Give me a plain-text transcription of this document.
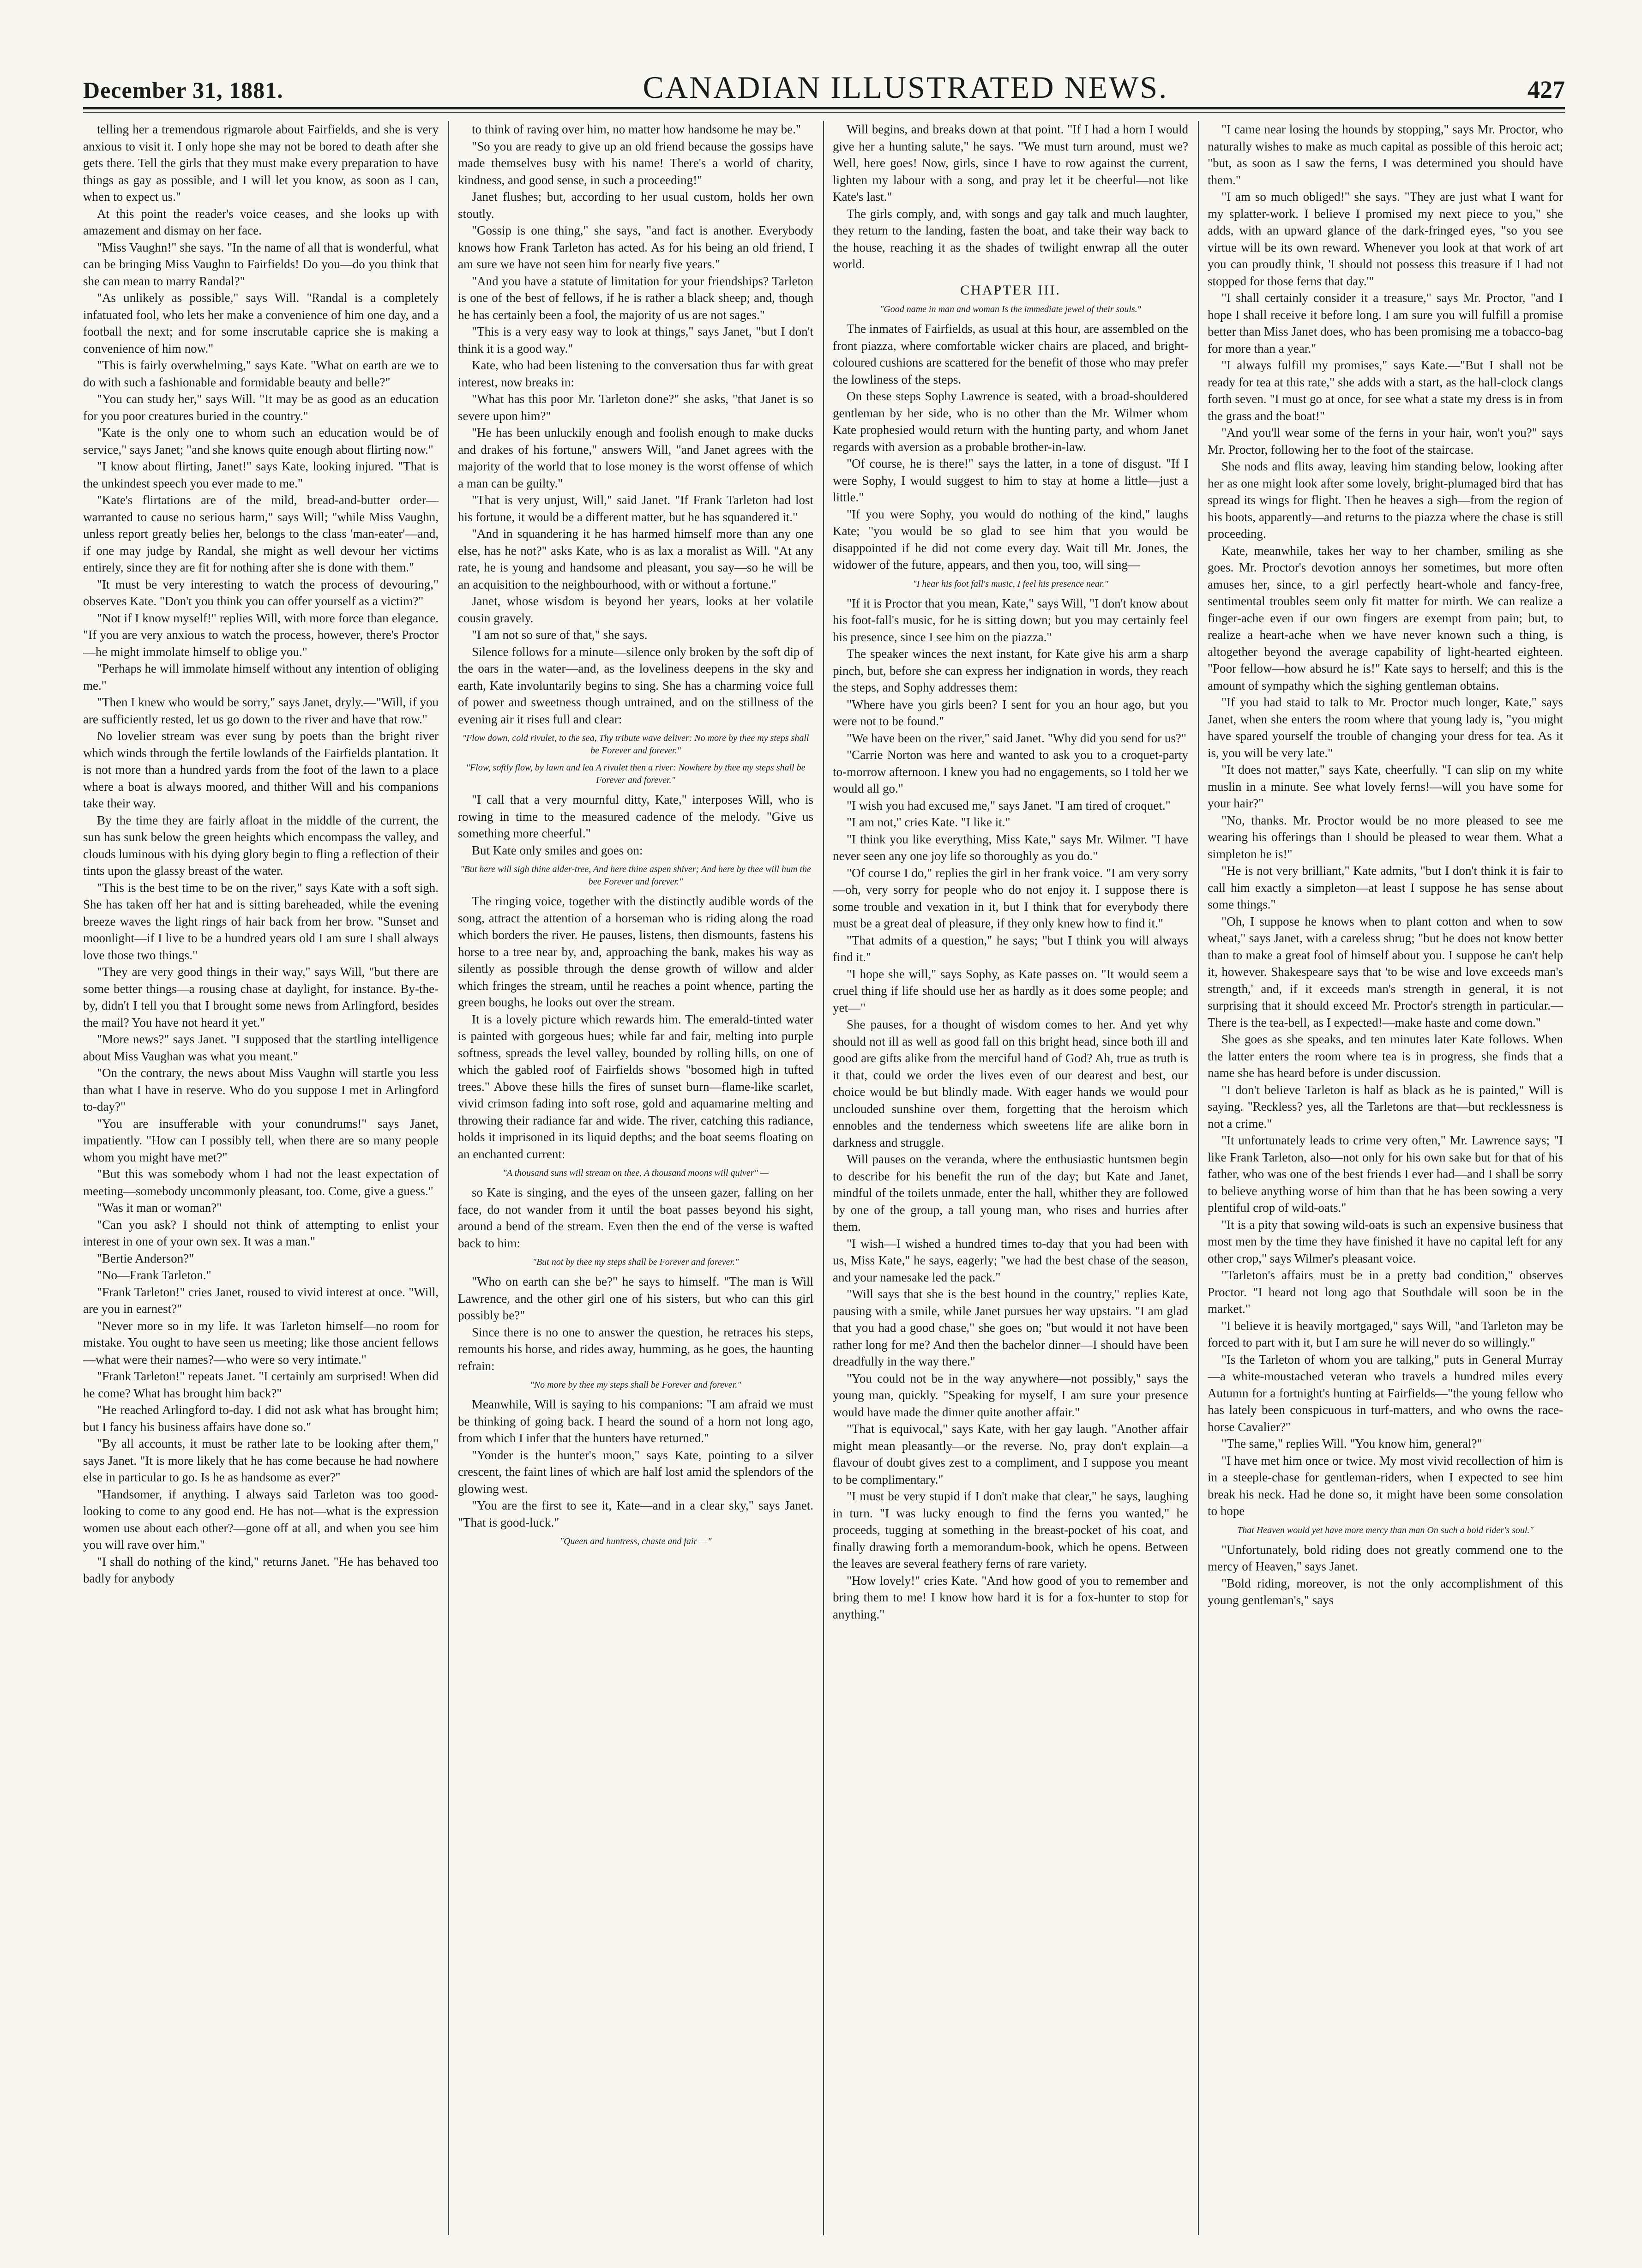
December 31, 1881.	CANADIAN ILLUSTRATED NEWS.	427

telling her a tremendous rigmarole about Fairfields, and she is very anxious to visit it. I only hope she may not be bored to death after she gets there. Tell the girls that they must make every preparation to have things as gay as possible, and I will let you know, as soon as I can, when to expect us."

At this point the reader's voice ceases, and she looks up with amazement and dismay on her face.

"Miss Vaughn!" she says. "In the name of all that is wonderful, what can be bringing Miss Vaughn to Fairfields! Do you—do you think that she can mean to marry Randal?"

"As unlikely as possible," says Will. "Randal is a completely infatuated fool, who lets her make a convenience of him one day, and a football the next; and for some inscrutable caprice she is making a convenience of him now."

"This is fairly overwhelming," says Kate. "What on earth are we to do with such a fashionable and formidable beauty and belle?"

"You can study her," says Will. "It may be as good as an education for you poor creatures buried in the country."

"Kate is the only one to whom such an education would be of service," says Janet; "and she knows quite enough about flirting now."

"I know about flirting, Janet!" says Kate, looking injured. "That is the unkindest speech you ever made to me."

"Kate's flirtations are of the mild, bread-and-butter order—warranted to cause no serious harm," says Will; "while Miss Vaughn, unless report greatly belies her, belongs to the class 'man-eater'—and, if one may judge by Randal, she might as well devour her victims entirely, since they are fit for nothing after she is done with them."

"It must be very interesting to watch the process of devouring," observes Kate. "Don't you think you can offer yourself as a victim?"

"Not if I know myself!" replies Will, with more force than elegance. "If you are very anxious to watch the process, however, there's Proctor—he might immolate himself to oblige you."

"Perhaps he will immolate himself without any intention of obliging me."

"Then I knew who would be sorry," says Janet, dryly.—"Will, if you are sufficiently rested, let us go down to the river and have that row."

No lovelier stream was ever sung by poets than the bright river which winds through the fertile lowlands of the Fairfields plantation. It is not more than a hundred yards from the foot of the lawn to a place where a boat is always moored, and thither Will and his companions take their way.

By the time they are fairly afloat in the middle of the current, the sun has sunk below the green heights which encompass the valley, and clouds luminous with his dying glory begin to fling a reflection of their tints upon the glassy breast of the water.

"This is the best time to be on the river," says Kate with a soft sigh. She has taken off her hat and is sitting bareheaded, while the evening breeze waves the light rings of hair back from her brow. "Sunset and moonlight—if I live to be a hundred years old I am sure I shall always love those two things."

"They are very good things in their way," says Will, "but there are some better things—a rousing chase at daylight, for instance. By-the-by, didn't I tell you that I brought some news from Arlingford, besides the mail? You have not heard it yet."

"More news?" says Janet. "I supposed that the startling intelligence about Miss Vaughan was what you meant."

"On the contrary, the news about Miss Vaughn will startle you less than what I have in reserve. Who do you suppose I met in Arlingford to-day?"

"You are insufferable with your conundrums!" says Janet, impatiently. "How can I possibly tell, when there are so many people whom you might have met?"

"But this was somebody whom I had not the least expectation of meeting—somebody uncommonly pleasant, too. Come, give a guess."

"Was it man or woman?"

"Can you ask? I should not think of attempting to enlist your interest in one of your own sex. It was a man."

"Bertie Anderson?"

"No—Frank Tarleton."

"Frank Tarleton!" cries Janet, roused to vivid interest at once. "Will, are you in earnest?"

"Never more so in my life. It was Tarleton himself—no room for mistake. You ought to have seen us meeting; like those ancient fellows—what were their names?—who were so very intimate."

"Frank Tarleton!" repeats Janet. "I certainly am surprised! When did he come? What has brought him back?"

"He reached Arlingford to-day. I did not ask what has brought him; but I fancy his business affairs have done so."

"By all accounts, it must be rather late to be looking after them," says Janet. "It is more likely that he has come because he had nowhere else in particular to go. Is he as handsome as ever?"

"Handsomer, if anything. I always said Tarleton was too good-looking to come to any good end. He has not—what is the expression women use about each other?—gone off at all, and when you see him you will rave over him."

"I shall do nothing of the kind," returns Janet. "He has behaved too badly for anybody

to think of raving over him, no matter how handsome he may be."

"So you are ready to give up an old friend because the gossips have made themselves busy with his name! There's a world of charity, kindness, and good sense, in such a proceeding!"

Janet flushes; but, according to her usual custom, holds her own stoutly.

"Gossip is one thing," she says, "and fact is another. Everybody knows how Frank Tarleton has acted. As for his being an old friend, I am sure we have not seen him for nearly five years."

"And you have a statute of limitation for your friendships? Tarleton is one of the best of fellows, if he is rather a black sheep; and, though he has certainly been a fool, the majority of us are not sages."

"This is a very easy way to look at things," says Janet, "but I don't think it is a good way."

Kate, who had been listening to the conversation thus far with great interest, now breaks in:

"What has this poor Mr. Tarleton done?" she asks, "that Janet is so severe upon him?"

"He has been unluckily enough and foolish enough to make ducks and drakes of his fortune," answers Will, "and Janet agrees with the majority of the world that to lose money is the worst offense of which a man can be guilty."

"That is very unjust, Will," said Janet. "If Frank Tarleton had lost his fortune, it would be a different matter, but he has squandered it."

"And in squandering it he has harmed himself more than any one else, has he not?" asks Kate, who is as lax a moralist as Will. "At any rate, he is young and handsome and pleasant, you say—so he will be an acquisition to the neighbourhood, with or without a fortune."

Janet, whose wisdom is beyond her years, looks at her volatile cousin gravely.

"I am not so sure of that," she says.

Silence follows for a minute—silence only broken by the soft dip of the oars in the water—and, as the loveliness deepens in the sky and earth, Kate involuntarily begins to sing. She has a charming voice full of power and sweetness though untrained, and on the stillness of the evening air it rises full and clear:

"Flow down, cold rivulet, to the sea, Thy tribute wave deliver: No more by thee my steps shall be Forever and forever."
"Flow, softly flow, by lawn and lea A rivulet then a river: Nowhere by thee my steps shall be Forever and forever."

"I call that a very mournful ditty, Kate," interposes Will, who is rowing in time to the measured cadence of the melody. "Give us something more cheerful."

But Kate only smiles and goes on:

"But here will sigh thine alder-tree, And here thine aspen shiver; And here by thee will hum the bee Forever and forever."

The ringing voice, together with the distinctly audible words of the song, attract the attention of a horseman who is riding along the road which borders the river. He pauses, listens, then dismounts, fastens his horse to a tree near by, and, approaching the bank, makes his way as silently as possible through the dense growth of willow and alder which fringes the stream, until he reaches a point whence, parting the green boughs, he looks out over the stream.

It is a lovely picture which rewards him. The emerald-tinted water is painted with gorgeous hues; while far and fair, melting into purple softness, spreads the level valley, bounded by rolling hills, on one of which the gabled roof of Fairfields shows "bosomed high in tufted trees." Above these hills the fires of sunset burn—flame-like scarlet, vivid crimson fading into soft rose, gold and aquamarine melting and throwing their radiance far and wide. The river, catching this radiance, holds it imprisoned in its liquid depths; and the boat seems floating on an enchanted current:

"A thousand suns will stream on thee, A thousand moons will quiver" —

so Kate is singing, and the eyes of the unseen gazer, falling on her face, do not wander from it until the boat passes beyond his sight, around a bend of the stream. Even then the end of the verse is wafted back to him:

"But not by thee my steps shall be Forever and forever."

"Who on earth can she be?" he says to himself. "The man is Will Lawrence, and the other girl one of his sisters, but who can this girl possibly be?"

Since there is no one to answer the question, he retraces his steps, remounts his horse, and rides away, humming, as he goes, the haunting refrain:

"No more by thee my steps shall be Forever and forever."

Meanwhile, Will is saying to his companions: "I am afraid we must be thinking of going back. I heard the sound of a horn not long ago, from which I infer that the hunters have returned."

"Yonder is the hunter's moon," says Kate, pointing to a silver crescent, the faint lines of which are half lost amid the splendors of the glowing west.

"You are the first to see it, Kate—and in a clear sky," says Janet. "That is good-luck."

"Queen and huntress, chaste and fair —"

Will begins, and breaks down at that point. "If I had a horn I would give her a hunting salute," he says. "We must turn around, must we? Well, here goes! Now, girls, since I have to row against the current, lighten my labour with a song, and pray let it be cheerful—not like Kate's last."

The girls comply, and, with songs and gay talk and much laughter, they return to the landing, fasten the boat, and take their way back to the house, reaching it as the shades of twilight enwrap all the outer world.

CHAPTER III.
"Good name in man and woman Is the immediate jewel of their souls."

The inmates of Fairfields, as usual at this hour, are assembled on the front piazza, where comfortable wicker chairs are placed, and bright-coloured cushions are scattered for the benefit of those who may prefer the lowliness of the steps.

On these steps Sophy Lawrence is seated, with a broad-shouldered gentleman by her side, who is no other than the Mr. Wilmer whom Kate prophesied would return with the hunting party, and whom Janet regards with aversion as a probable brother-in-law.

"Of course, he is there!" says the latter, in a tone of disgust. "If I were Sophy, I would suggest to him to stay at home a little—just a little."

"If you were Sophy, you would do nothing of the kind," laughs Kate; "you would be so glad to see him that you would be disappointed if he did not come every day. Wait till Mr. Jones, the widower of the future, appears, and then you, too, will sing—

"I hear his foot fall's music, I feel his presence near."

"If it is Proctor that you mean, Kate," says Will, "I don't know about his foot-fall's music, for he is sitting down; but you may certainly feel his presence, since I see him on the piazza."

The speaker winces the next instant, for Kate give his arm a sharp pinch, but, before she can express her indignation in words, they reach the steps, and Sophy addresses them:

"Where have you girls been? I sent for you an hour ago, but you were not to be found."

"We have been on the river," said Janet. "Why did you send for us?"

"Carrie Norton was here and wanted to ask you to a croquet-party to-morrow afternoon. I knew you had no engagements, so I told her we would all go."

"I wish you had excused me," says Janet. "I am tired of croquet."

"I am not," cries Kate. "I like it."

"I think you like everything, Miss Kate," says Mr. Wilmer. "I have never seen any one joy life so thoroughly as you do."

"Of course I do," replies the girl in her frank voice. "I am very sorry—oh, very sorry for people who do not enjoy it. I suppose there is some trouble and vexation in it, but I think that for everybody there must be a great deal of pleasure, if they only knew how to find it."

"That admits of a question," he says; "but I think you will always find it."

"I hope she will," says Sophy, as Kate passes on. "It would seem a cruel thing if life should use her as hardly as it does some people; and yet—"

She pauses, for a thought of wisdom comes to her. And yet why should not ill as well as good fall on this bright head, since both ill and good are gifts alike from the merciful hand of God? Ah, true as truth is it that, could we order the lives even of our dearest and best, our choice would be but blindly made. With eager hands we would pour unclouded sunshine over them, forgetting that the heroism which ennobles and the tenderness which sweetens life are alike born in darkness and struggle.

Will pauses on the veranda, where the enthusiastic huntsmen begin to describe for his benefit the run of the day; but Kate and Janet, mindful of the toilets unmade, enter the hall, whither they are followed by one of the group, a tall young man, who rises and hurries after them.

"I wish—I wished a hundred times to-day that you had been with us, Miss Kate," he says, eagerly; "we had the best chase of the season, and your namesake led the pack."

"Will says that she is the best hound in the country," replies Kate, pausing with a smile, while Janet pursues her way upstairs. "I am glad that you had a good chase," she goes on; "but would it not have been rather long for me? And then the bachelor dinner—I should have been dreadfully in the way there."

"You could not be in the way anywhere—not possibly," says the young man, quickly. "Speaking for myself, I am sure your presence would have made the dinner quite another affair."

"That is equivocal," says Kate, with her gay laugh. "Another affair might mean pleasantly—or the reverse. No, pray don't explain—a flavour of doubt gives zest to a compliment, and I suppose you meant to be complimentary."

"I must be very stupid if I don't make that clear," he says, laughing in turn. "I was lucky enough to find the ferns you wanted," he proceeds, tugging at something in the breast-pocket of his coat, and finally drawing forth a memorandum-book, which he opens. Between the leaves are several feathery ferns of rare variety.

"How lovely!" cries Kate. "And how good of you to remember and bring them to me! I know how hard it is for a fox-hunter to stop for anything."

"I came near losing the hounds by stopping," says Mr. Proctor, who naturally wishes to make as much capital as possible of this heroic act; "but, as soon as I saw the ferns, I was determined you should have them."

"I am so much obliged!" she says. "They are just what I want for my splatter-work. I believe I promised my next piece to you," she adds, with an upward glance of the dark-fringed eyes, "so you see virtue will be its own reward. Whenever you look at that work of art you can proudly think, 'I should not possess this treasure if I had not stopped for those ferns that day.'"

"I shall certainly consider it a treasure," says Mr. Proctor, "and I hope I shall receive it before long. I am sure you will fulfill a promise better than Miss Janet does, who has been promising me a tobacco-bag for more than a year."

"I always fulfill my promises," says Kate.—"But I shall not be ready for tea at this rate," she adds with a start, as the hall-clock clangs forth seven. "I must go at once, for see what a state my dress is in from the grass and the boat!"

"And you'll wear some of the ferns in your hair, won't you?" says Mr. Proctor, following her to the foot of the staircase.

She nods and flits away, leaving him standing below, looking after her as one might look after some lovely, bright-plumaged bird that has spread its wings for flight. Then he heaves a sigh—from the region of his boots, apparently—and returns to the piazza where the chase is still proceeding.

Kate, meanwhile, takes her way to her chamber, smiling as she goes. Mr. Proctor's devotion annoys her sometimes, but more often amuses her, since, to a girl perfectly heart-whole and fancy-free, sentimental troubles seem only fit matter for mirth. We can realize a finger-ache even if our own fingers are exempt from pain; but, to realize a heart-ache when we have never known such a thing, is altogether beyond the average capability of light-hearted eighteen. "Poor fellow—how absurd he is!" Kate says to herself; and this is the amount of sympathy which the sighing gentleman obtains.

"If you had staid to talk to Mr. Proctor much longer, Kate," says Janet, when she enters the room where that young lady is, "you might have spared yourself the trouble of changing your dress for tea. As it is, you will be very late."

"It does not matter," says Kate, cheerfully. "I can slip on my white muslin in a minute. See what lovely ferns!—will you have some for your hair?"

"No, thanks. Mr. Proctor would be no more pleased to see me wearing his offerings than I should be pleased to wear them. What a simpleton he is!"

"He is not very brilliant," Kate admits, "but I don't think it is fair to call him exactly a simpleton—at least I suppose he has sense about some things."

"Oh, I suppose he knows when to plant cotton and when to sow wheat," says Janet, with a careless shrug; "but he does not know better than to make a great fool of himself about you. I suppose he can't help it, however. Shakespeare says that 'to be wise and love exceeds man's strength,' and, if it exceeds man's strength in general, it is not surprising that it should exceed Mr. Proctor's strength in particular.—There is the tea-bell, as I expected!—make haste and come down."

She goes as she speaks, and ten minutes later Kate follows. When the latter enters the room where tea is in progress, she finds that a name she has heard before is under discussion.

"I don't believe Tarleton is half as black as he is painted," Will is saying. "Reckless? yes, all the Tarletons are that—but recklessness is not a crime."

"It unfortunately leads to crime very often," Mr. Lawrence says; "I like Frank Tarleton, also—not only for his own sake but for that of his father, who was one of the best friends I ever had—and I shall be sorry to believe anything worse of him than that he has been sowing a very plentiful crop of wild-oats."

"It is a pity that sowing wild-oats is such an expensive business that most men by the time they have finished it have no capital left for any other crop," says Wilmer's pleasant voice.

"Tarleton's affairs must be in a pretty bad condition," observes Proctor. "I heard not long ago that Southdale will soon be in the market."

"I believe it is heavily mortgaged," says Will, "and Tarleton may be forced to part with it, but I am sure he will never do so willingly."

"Is the Tarleton of whom you are talking," puts in General Murray—a white-moustached veteran who travels a hundred miles every Autumn for a fortnight's hunting at Fairfields—"the young fellow who has lately been conspicuous in turf-matters, and who owns the race-horse Cavalier?"

"The same," replies Will. "You know him, general?"

"I have met him once or twice. My most vivid recollection of him is in a steeple-chase for gentleman-riders, when I expected to see him break his neck. Had he done so, it might have been some consolation to hope

That Heaven would yet have more mercy than man On such a bold rider's soul."

"Unfortunately, bold riding does not greatly commend one to the mercy of Heaven," says Janet.

"Bold riding, moreover, is not the only accomplishment of this young gentleman's," says
